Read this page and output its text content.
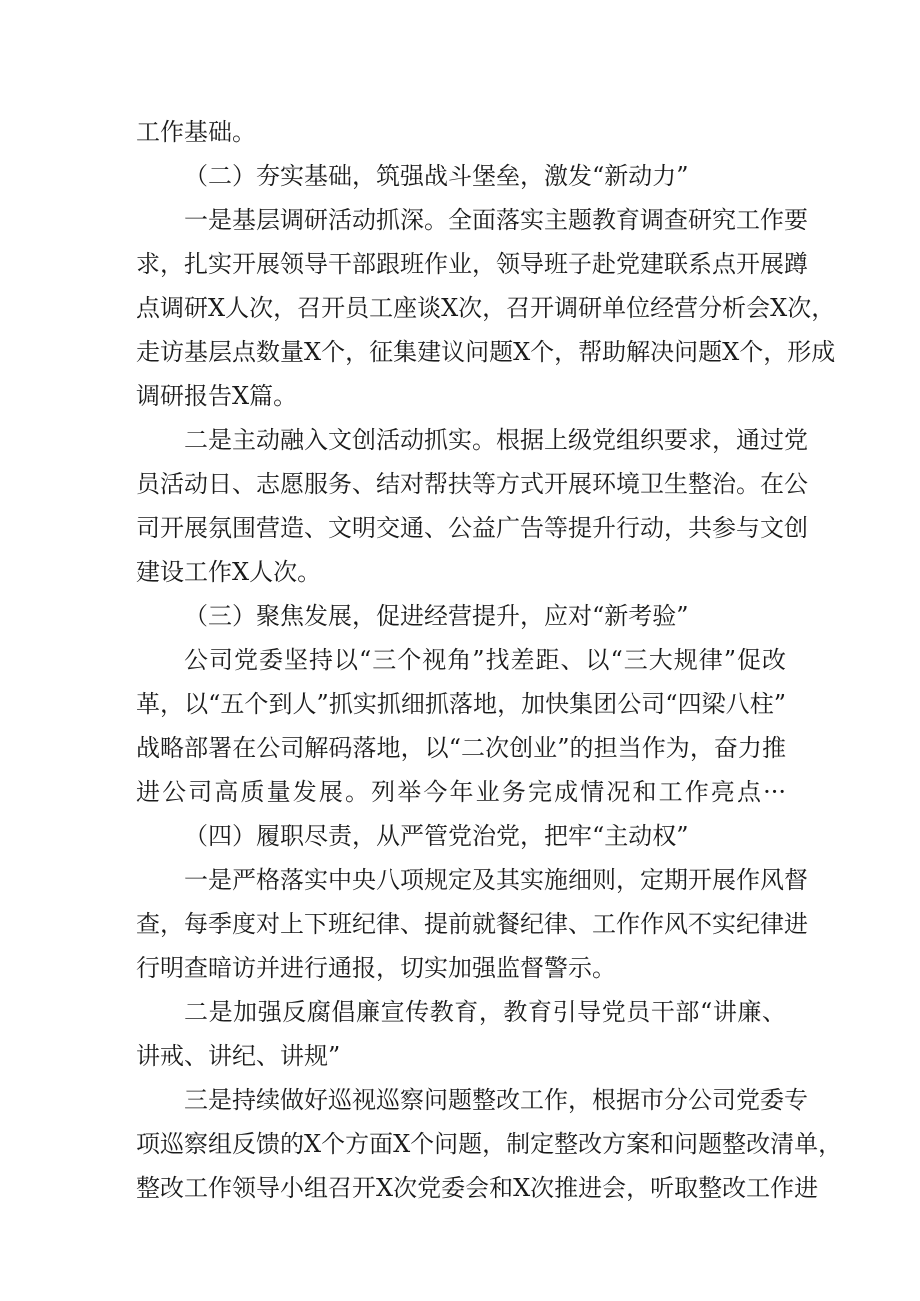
工作基础。
（二）夯实基础，筑强战斗堡垒，激发“新动力”
一是基层调研活动抓深。全面落实主题教育调查研究工作要
求，扎实开展领导干部跟班作业，领导班子赴党建联系点开展蹲
点调研X人次，召开员工座谈X次，召开调研单位经营分析会X次，
走访基层点数量X个，征集建议问题X个，帮助解决问题X个，形成
调研报告X篇。
二是主动融入文创活动抓实。根据上级党组织要求，通过党
员活动日、志愿服务、结对帮扶等方式开展环境卫生整治。在公
司开展氛围营造、文明交通、公益广告等提升行动，共参与文创
建设工作X人次。
（三）聚焦发展，促进经营提升，应对“新考验”
公司党委坚持以“三个视角”找差距、以“三大规律”促改
革，以“五个到人”抓实抓细抓落地，加快集团公司“四梁八柱”
战略部署在公司解码落地，以“二次创业”的担当作为，奋力推
进公司高质量发展。列举今年业务完成情况和工作亮点···
（四）履职尽责，从严管党治党，把牢“主动权”
一是严格落实中央八项规定及其实施细则，定期开展作风督
查，每季度对上下班纪律、提前就餐纪律、工作作风不实纪律进
行明查暗访并进行通报，切实加强监督警示。
二是加强反腐倡廉宣传教育，教育引导党员干部“讲廉、
讲戒、讲纪、讲规”
三是持续做好巡视巡察问题整改工作，根据市分公司党委专
项巡察组反馈的X个方面X个问题，制定整改方案和问题整改清单，
整改工作领导小组召开X次党委会和X次推进会，听取整改工作进
